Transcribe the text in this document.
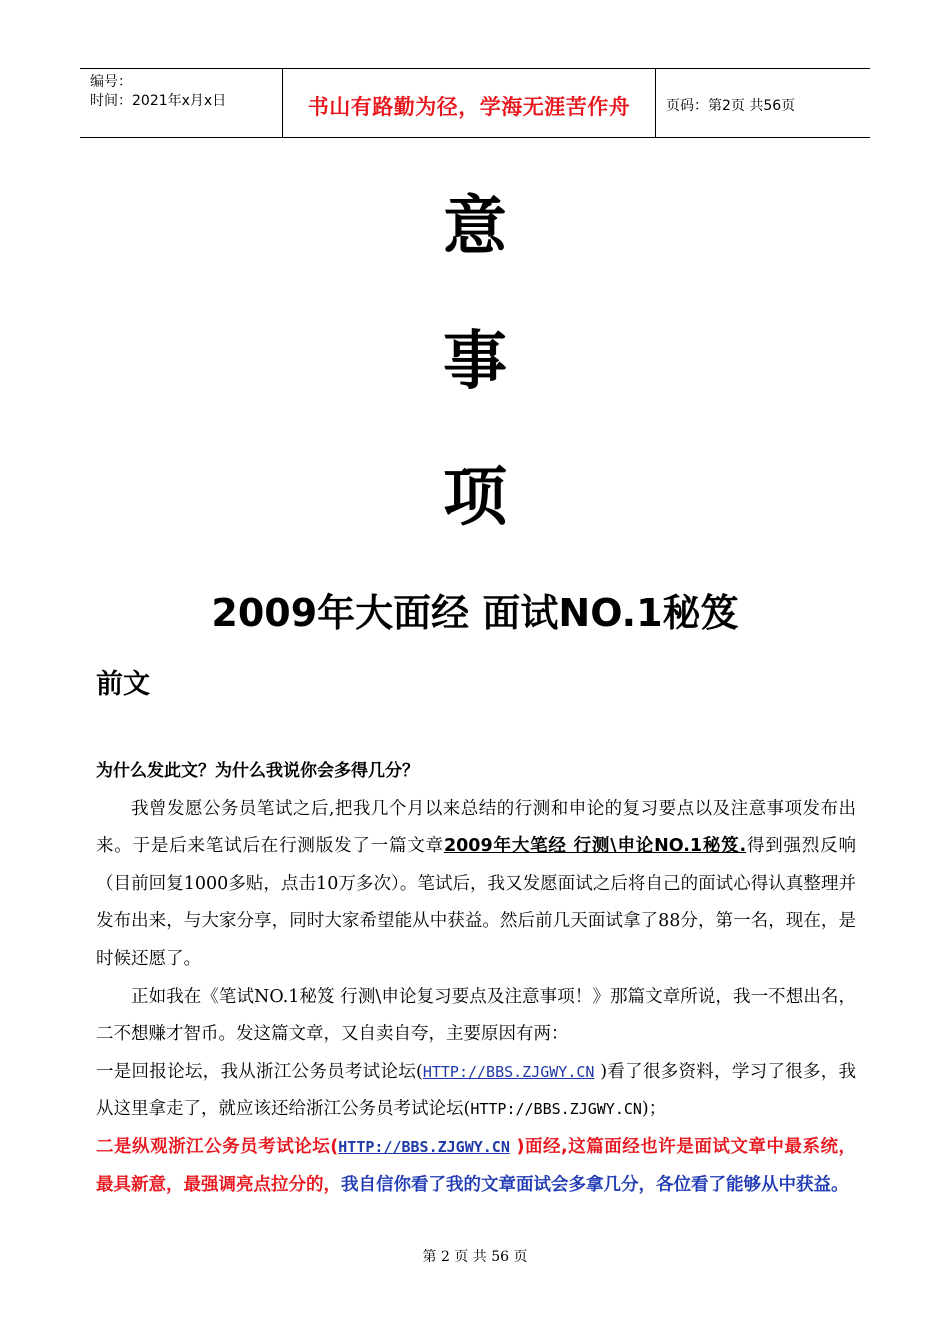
编号：
时间：2021年x月x日	书山有路勤为径，学海无涯苦作舟	页码：第2页 共56页
意
事
项
2009年大面经 面试NO.1秘笈
前文
为什么发此文？为什么我说你会多得几分？

我曾发愿公务员笔试之后,把我几个月以来总结的行测和申论的复习要点以及注意事项发布出来。于是后来笔试后在行测版发了一篇文章2009年大笔经 行测\申论NO.1秘笈.得到强烈反响（目前回复1000多贴，点击10万多次）。笔试后，我又发愿面试之后将自己的面试心得认真整理并发布出来，与大家分享，同时大家希望能从中获益。然后前几天面试拿了88分，第一名，现在，是时候还愿了。

正如我在《笔试NO.1秘笈 行测\申论复习要点及注意事项！》那篇文章所说，我一不想出名，二不想赚才智币。发这篇文章，又自卖自夸，主要原因有两：

一是回报论坛，我从浙江公务员考试论坛(HTTP://BBS.ZJGWY.CN )看了很多资料，学习了很多，我从这里拿走了，就应该还给浙江公务员考试论坛(HTTP://BBS.ZJGWY.CN)；

二是纵观浙江公务员考试论坛(HTTP://BBS.ZJGWY.CN )面经,这篇面经也许是面试文章中最系统，最具新意，最强调亮点拉分的，我自信你看了我的文章面试会多拿几分，各位看了能够从中获益。

第 2 页 共 56 页
